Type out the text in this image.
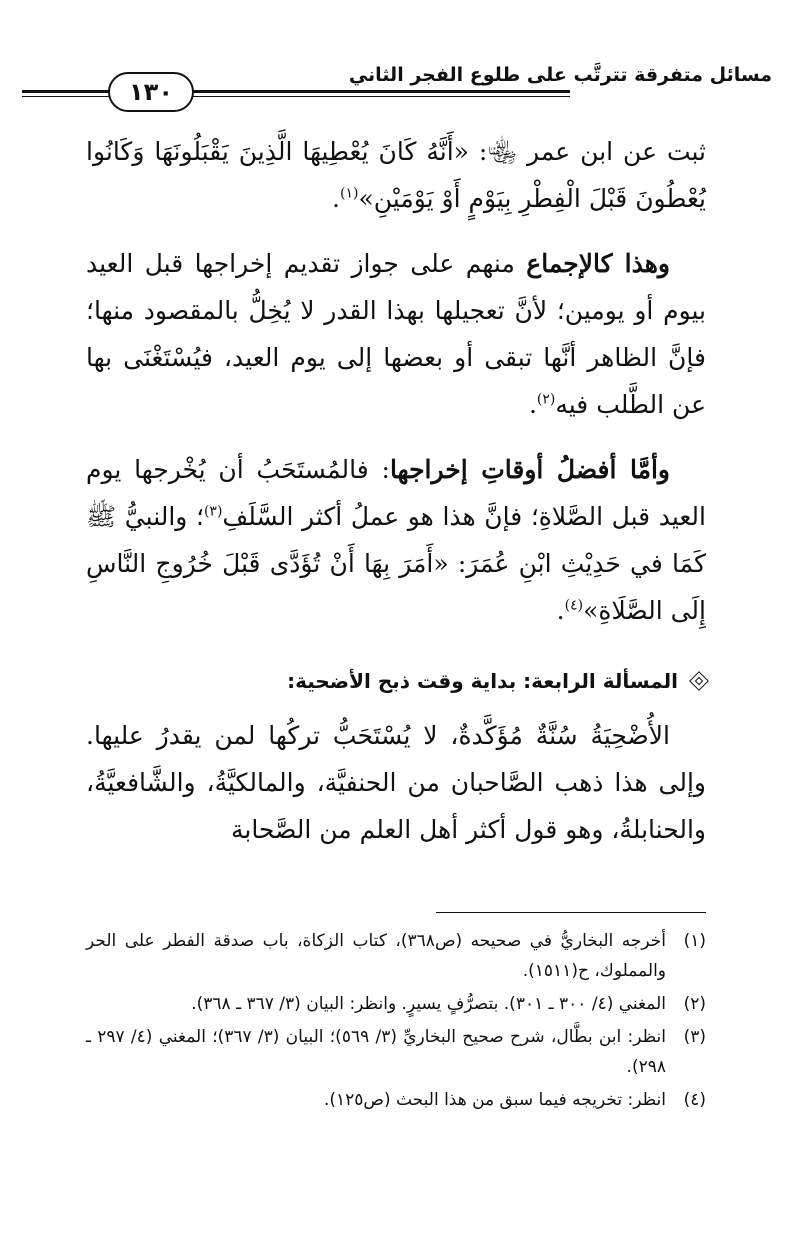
مسائل متفرقة تترتَّب على طلوع الفجر الثاني
١٣٠

ثبت عن ابن عمر ﵄: «أَنَّهُ كَانَ يُعْطِيهَا الَّذِينَ يَقْبَلُونَهَا وَكَانُوا يُعْطُونَ قَبْلَ الْفِطْرِ بِيَوْمٍ أَوْ يَوْمَيْنِ»$^{(١)}$.

وهذا كالإجماع منهم على جواز تقديم إخراجها قبل العيد بيوم أو يومين؛ لأنَّ تعجيلها بهذا القدر لا يُخِلُّ بالمقصود منها؛ فإنَّ الظاهر أنَّها تبقى أو بعضها إلى يوم العيد، فيُسْتَغْنَى بها عن الطَّلب فيه$^{(٢)}$.

وأمَّا أفضلُ أوقاتِ إخراجها: فالمُستَحَبُ أن يُخْرجها يوم العيد قبل الصَّلاةِ؛ فإنَّ هذا هو عملُ أكثر السَّلَفِ$^{(٣)}$؛ والنبيُّ ﷺ كَمَا في حَدِيْثِ ابْنِ عُمَرَ: «أَمَرَ بِهَا أَنْ تُؤَدَّى قَبْلَ خُرُوجِ النَّاسِ إِلَى الصَّلَاةِ»$^{(٤)}$.

المسألة الرابعة: بداية وقت ذبح الأضحية:

الأُضْحِيَةُ سُنَّةٌ مُؤَكَّدةٌ، لا يُسْتَحَبُّ تركُها لمن يقدرُ عليها. وإلى هذا ذهب الصَّاحبان من الحنفيَّة، والمالكيَّةُ، والشَّافعيَّةُ، والحنابلةُ، وهو قول أكثر أهل العلم من الصَّحابة

(١)
أخرجه البخاريُّ في صحيحه (ص٣٦٨)، كتاب الزكاة، باب صدقة الفطر على الحر والمملوك، ح(١٥١١).
(٢)
المغني (٤/ ٣٠٠ ـ ٣٠١). بتصرُّفٍ يسيرٍ. وانظر: البيان (٣/ ٣٦٧ ـ ٣٦٨).
(٣)
انظر: ابن بطَّال، شرح صحيح البخاريِّ (٣/ ٥٦٩)؛ البيان (٣/ ٣٦٧)؛ المغني (٤/ ٢٩٧ ـ ٢٩٨).
(٤)
انظر: تخريجه فيما سبق من هذا البحث (ص١٢٥).
